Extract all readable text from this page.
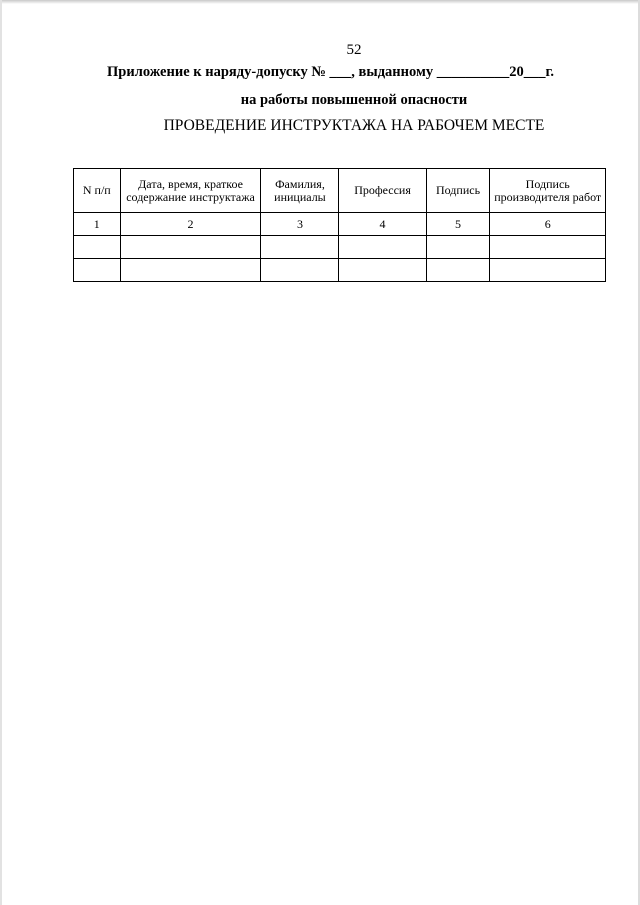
52
Приложение к наряду-допуску № ___, выданному __________20___г.
на работы повышенной опасности
ПРОВЕДЕНИЕ ИНСТРУКТАЖА НА РАБОЧЕМ МЕСТЕ
N п/п	Дата, время, краткое содержание инструктажа	Фамилия, инициалы	Профессия	Подпись	Подпись производителя работ
1	2	3	4	5	6
